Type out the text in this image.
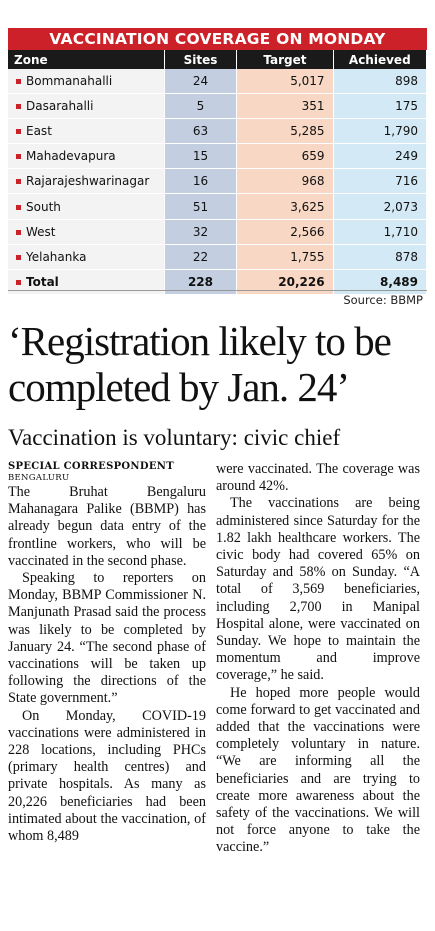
VACCINATION COVERAGE ON MONDAY
Zone	Sites	Target	Achieved
Bommanahalli	24	5,017	898
Dasarahalli	5	351	175
East	63	5,285	1,790
Mahadevapura	15	659	249
Rajarajeshwarinagar	16	968	716
South	51	3,625	2,073
West	32	2,566	1,710
Yelahanka	22	1,755	878
Total	228	20,226	8,489
Source: BBMP
‘Registration likely to be completed by Jan. 24’
Vaccination is voluntary: civic chief

SPECIAL CORRESPONDENT

BENGALURU

The Bruhat Bengaluru Mahanagara Palike (BBMP) has already begun data entry of the frontline workers, who will be vaccinated in the second phase.

Speaking to reporters on Monday, BBMP Commissioner N. Manjunath Prasad said the process was likely to be completed by January 24. “The second phase of vaccinations will be taken up following the directions of the State government.”

On Monday, COVID-19 vaccinations were administered in 228 locations, including PHCs (primary health centres) and private hospitals. As many as 20,226 beneficiaries had been intimated about the vaccination, of whom 8,489

were vaccinated. The coverage was around 42%.

The vaccinations are being administered since Saturday for the 1.82 lakh healthcare workers. The civic body had covered 65% on Saturday and 58% on Sunday. “A total of 3,569 beneficiaries, including 2,700 in Manipal Hospital alone, were vaccinated on Sunday. We hope to maintain the momentum and improve coverage,” he said.

He hoped more people would come forward to get vaccinated and added that the vaccinations were completely voluntary in nature. “We are informing all the beneficiaries and are trying to create more awareness about the safety of the vaccinations. We will not force anyone to take the vaccine.”
